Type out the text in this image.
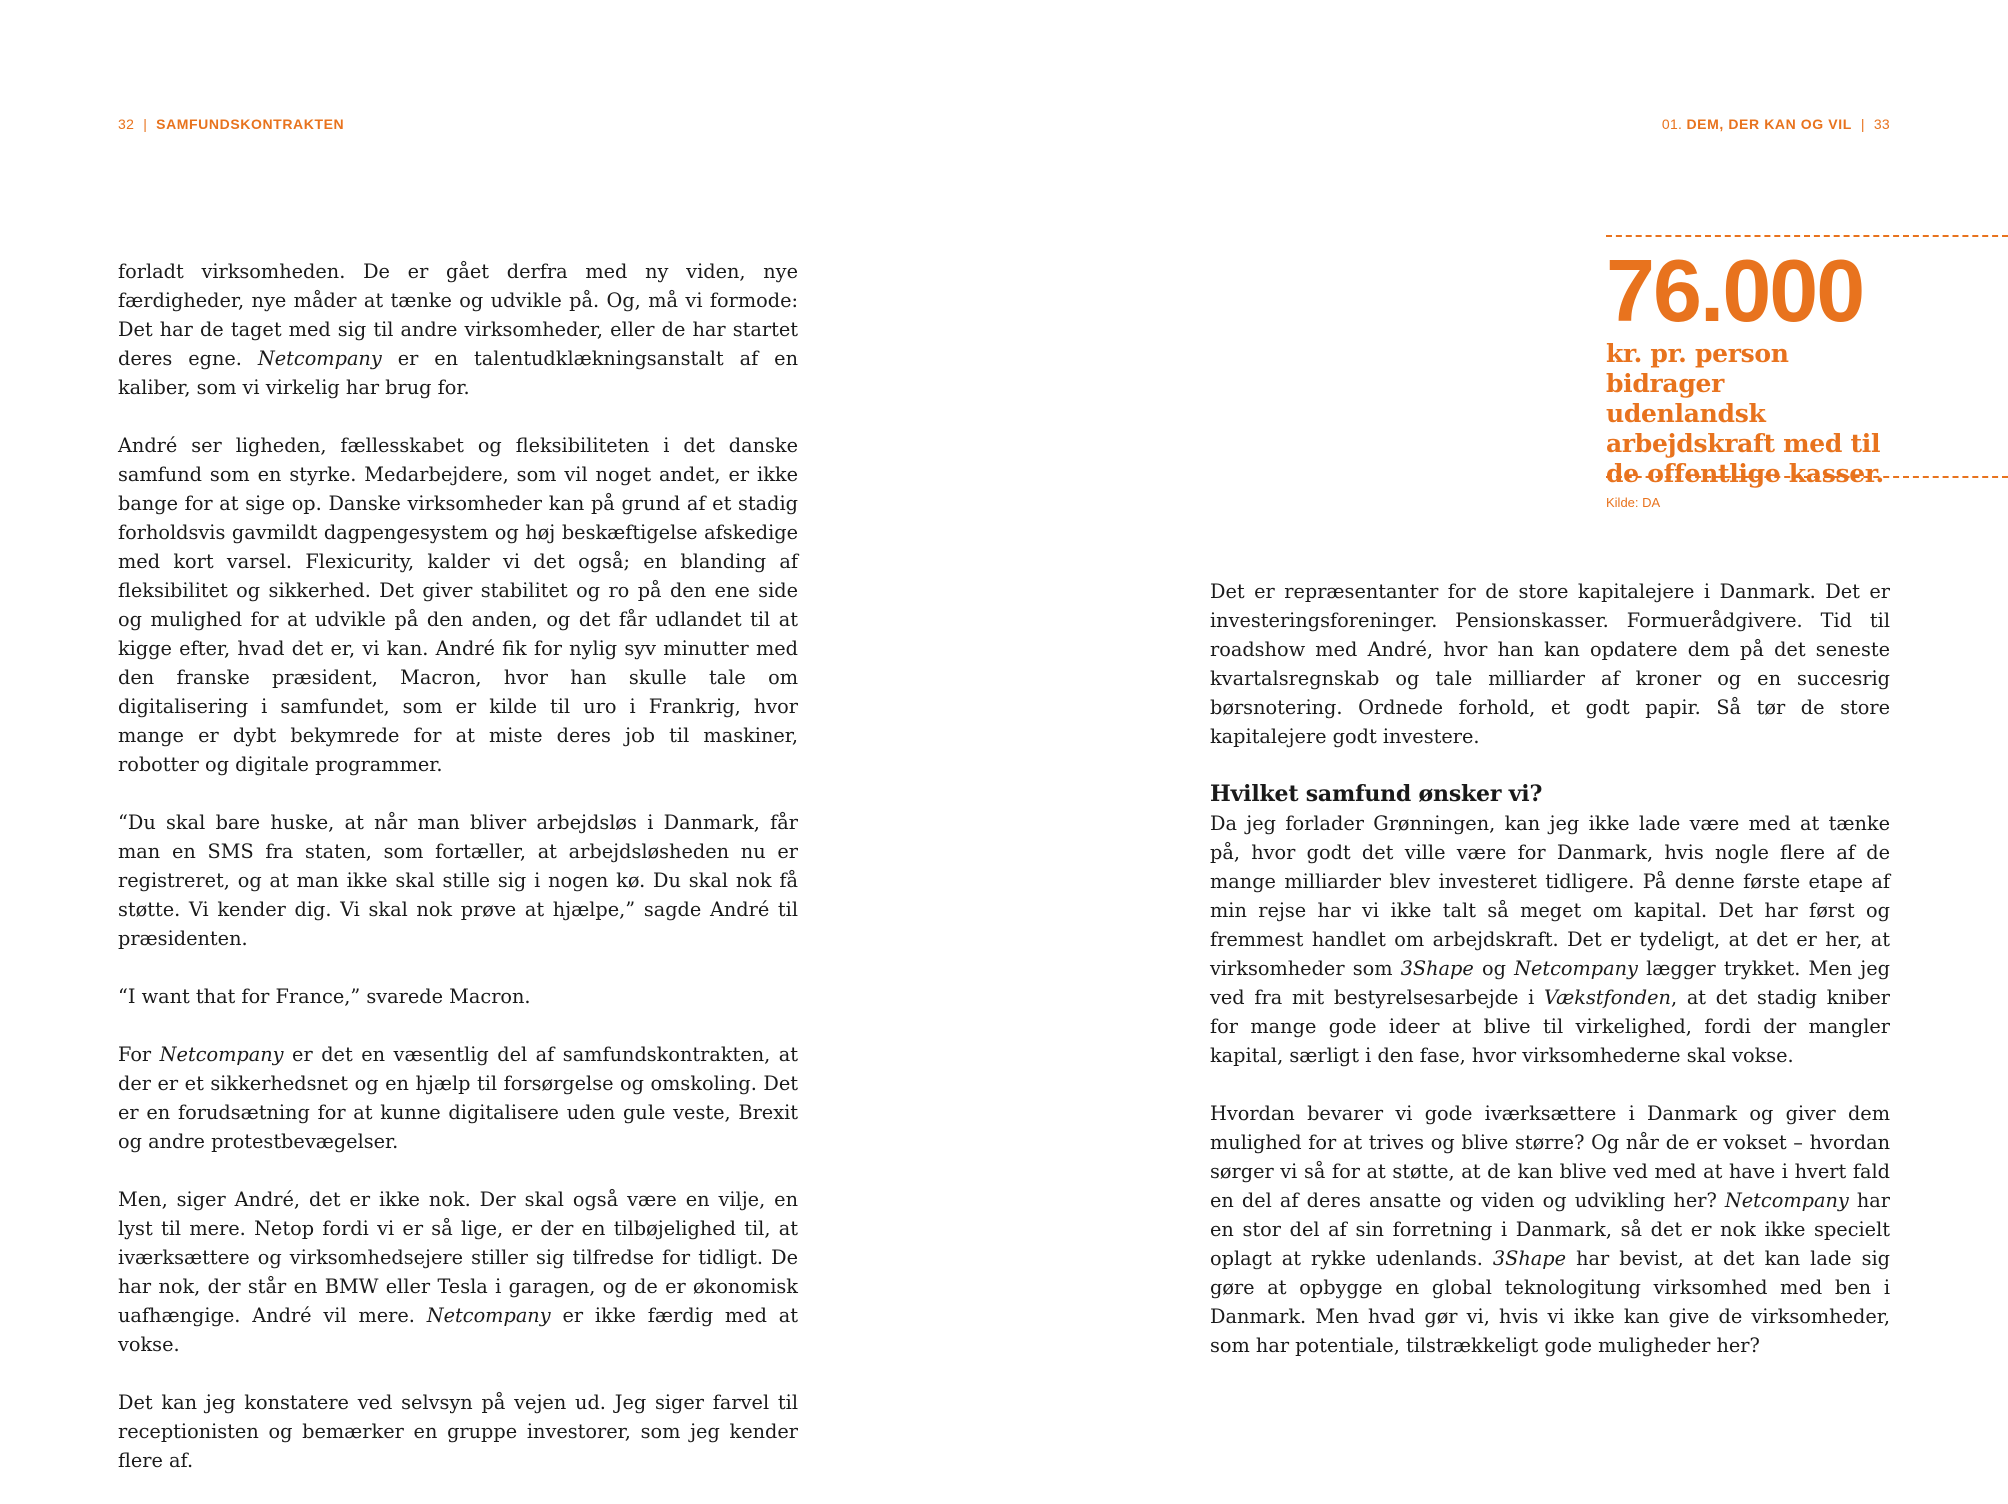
32 | SAMFUNDSKONTRAKTEN	01. DEM, DER KAN OG VIL | 33

forladt virksomheden. De er gået derfra med ny viden, nye færdigheder, nye måder at tænke og udvikle på. Og, må vi formode: Det har de taget med sig til andre virksomheder, eller de har startet deres egne. Netcompany er en talentudklækningsanstalt af en kaliber, som vi virkelig har brug for.

André ser ligheden, fællesskabet og fleksibiliteten i det danske samfund som en styrke. Medarbejdere, som vil noget andet, er ikke bange for at sige op. Danske virksomheder kan på grund af et stadig forholdsvis gavmildt dagpengesystem og høj beskæftigelse afskedige med kort varsel. Flexicurity, kalder vi det også; en blanding af fleksibilitet og sikkerhed. Det giver stabilitet og ro på den ene side og mulighed for at udvikle på den anden, og det får udlandet til at kigge efter, hvad det er, vi kan. André fik for nylig syv minutter med den franske præsident, Macron, hvor han skulle tale om digitalisering i samfundet, som er kilde til uro i Frankrig, hvor mange er dybt bekymrede for at miste deres job til maskiner, robotter og digitale programmer.

“Du skal bare huske, at når man bliver arbejdsløs i Danmark, får man en SMS fra staten, som fortæller, at arbejdsløsheden nu er registreret, og at man ikke skal stille sig i nogen kø. Du skal nok få støtte. Vi kender dig. Vi skal nok prøve at hjælpe,” sagde André til præsidenten.

“I want that for France,” svarede Macron.

For Netcompany er det en væsentlig del af samfundskontrakten, at der er et sikkerhedsnet og en hjælp til forsørgelse og omskoling. Det er en forudsætning for at kunne digitalisere uden gule veste, Brexit og andre protestbevægelser.

Men, siger André, det er ikke nok. Der skal også være en vilje, en lyst til mere. Netop fordi vi er så lige, er der en tilbøjelighed til, at iværksættere og virksomhedsejere stiller sig tilfredse for tidligt. De har nok, der står en BMW eller Tesla i garagen, og de er økonomisk uafhængige. André vil mere. Netcompany er ikke færdig med at vokse.

Det kan jeg konstatere ved selvsyn på vejen ud. Jeg siger farvel til receptionisten og bemærker en gruppe investorer, som jeg kender flere af.

76.000
kr. pr. person bidrager udenlandsk arbejdskraft med til de offentlige kasser.
Kilde: DA

Det er repræsentanter for de store kapitalejere i Danmark. Det er investeringsforeninger. Pensionskasser. Formuerådgivere. Tid til roadshow med André, hvor han kan opdatere dem på det seneste kvartalsregnskab og tale milliarder af kroner og en succesrig børsnotering. Ordnede forhold, et godt papir. Så tør de store kapitalejere godt investere.

Hvilket samfund ønsker vi?

Da jeg forlader Grønningen, kan jeg ikke lade være med at tænke på, hvor godt det ville være for Danmark, hvis nogle flere af de mange milliarder blev investeret tidligere. På denne første etape af min rejse har vi ikke talt så meget om kapital. Det har først og fremmest handlet om arbejdskraft. Det er tydeligt, at det er her, at virksomheder som 3Shape og Netcompany lægger trykket. Men jeg ved fra mit bestyrelsesarbejde i Vækstfonden, at det stadig kniber for mange gode ideer at blive til virkelighed, fordi der mangler kapital, særligt i den fase, hvor virksomhederne skal vokse.

Hvordan bevarer vi gode iværksættere i Danmark og giver dem mulighed for at trives og blive større? Og når de er vokset – hvordan sørger vi så for at støtte, at de kan blive ved med at have i hvert fald en del af deres ansatte og viden og udvikling her? Netcompany har en stor del af sin forretning i Danmark, så det er nok ikke specielt oplagt at rykke udenlands. 3Shape har bevist, at det kan lade sig gøre at opbygge en global teknologitung virksomhed med ben i Danmark. Men hvad gør vi, hvis vi ikke kan give de virksomheder, som har potentiale, tilstrækkeligt gode muligheder her?
